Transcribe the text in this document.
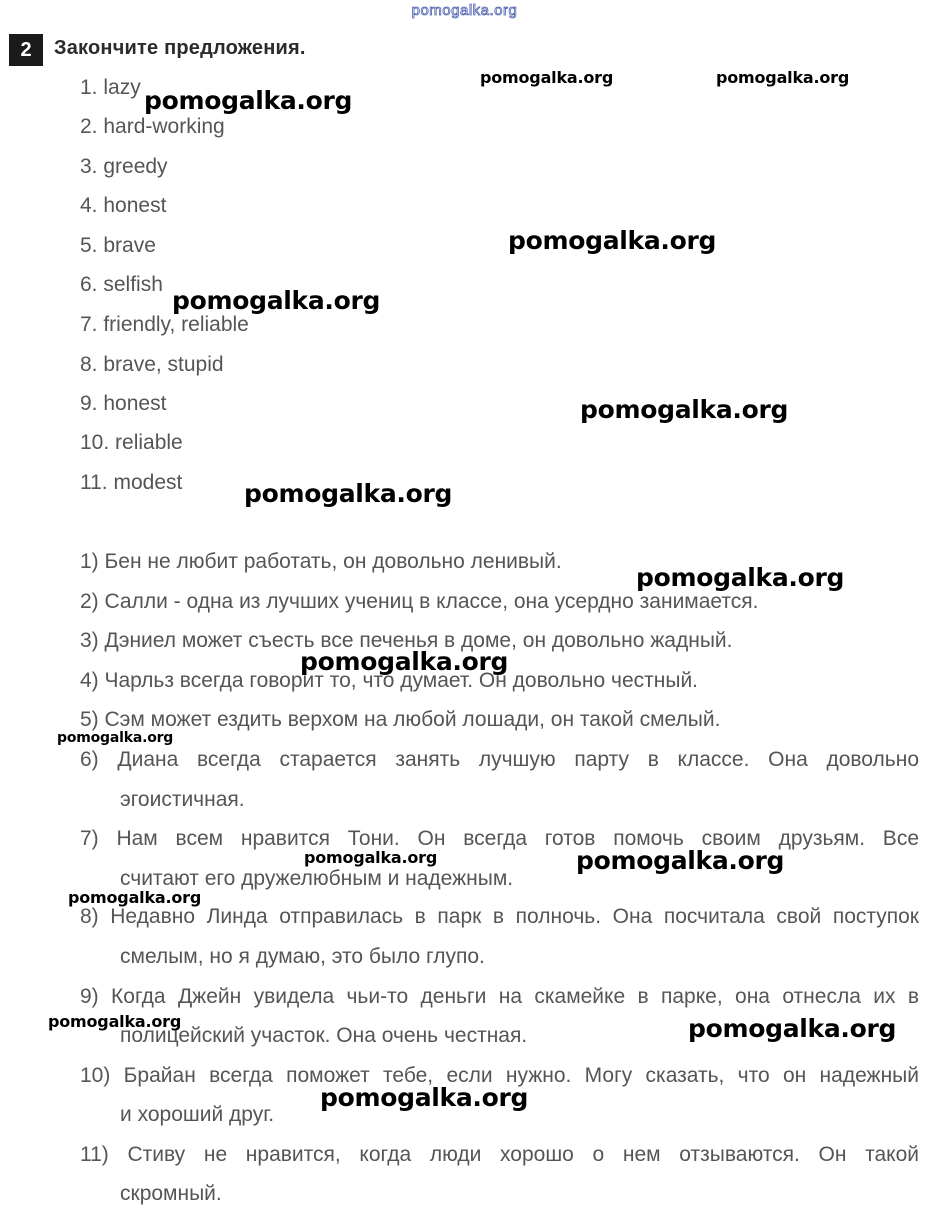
pomogalka.org
2	Закончите предложения.
1. lazy
2. hard-working
3. greedy
4. honest
5. brave
6. selfish
7. friendly, reliable
8. brave, stupid
9. honest
10. reliable
11. modest
1) Бен не любит работать, он довольно ленивый.
2) Салли - одна из лучших учениц в классе, она усердно занимается.
3) Дэниел может съесть все печенья в доме, он довольно жадный.
4) Чарльз всегда говорит то, что думает. Он довольно честный.
5) Сэм может ездить верхом на любой лошади, он такой смелый.
6) Диана всегда старается занять лучшую парту в классе. Она довольно
эгоистичная.
7) Нам всем нравится Тони. Он всегда готов помочь своим друзьям. Все
считают его дружелюбным и надежным.
8) Недавно Линда отправилась в парк в полночь. Она посчитала свой поступок
смелым, но я думаю, это было глупо.
9) Когда Джейн увидела чьи-то деньги на скамейке в парке, она отнесла их в
полицейский участок. Она очень честная.
10) Брайан всегда поможет тебе, если нужно. Могу сказать, что он надежный
и хороший друг.
11) Стиву не нравится, когда люди хорошо о нем отзываются. Он такой
скромный.
pomogalka.org	pomogalka.org
pomogalka.org
pomogalka.org
pomogalka.org
pomogalka.org
pomogalka.org
pomogalka.org
pomogalka.org
pomogalka.org
pomogalka.org	pomogalka.org
pomogalka.org
pomogalka.org	pomogalka.org
pomogalka.org
